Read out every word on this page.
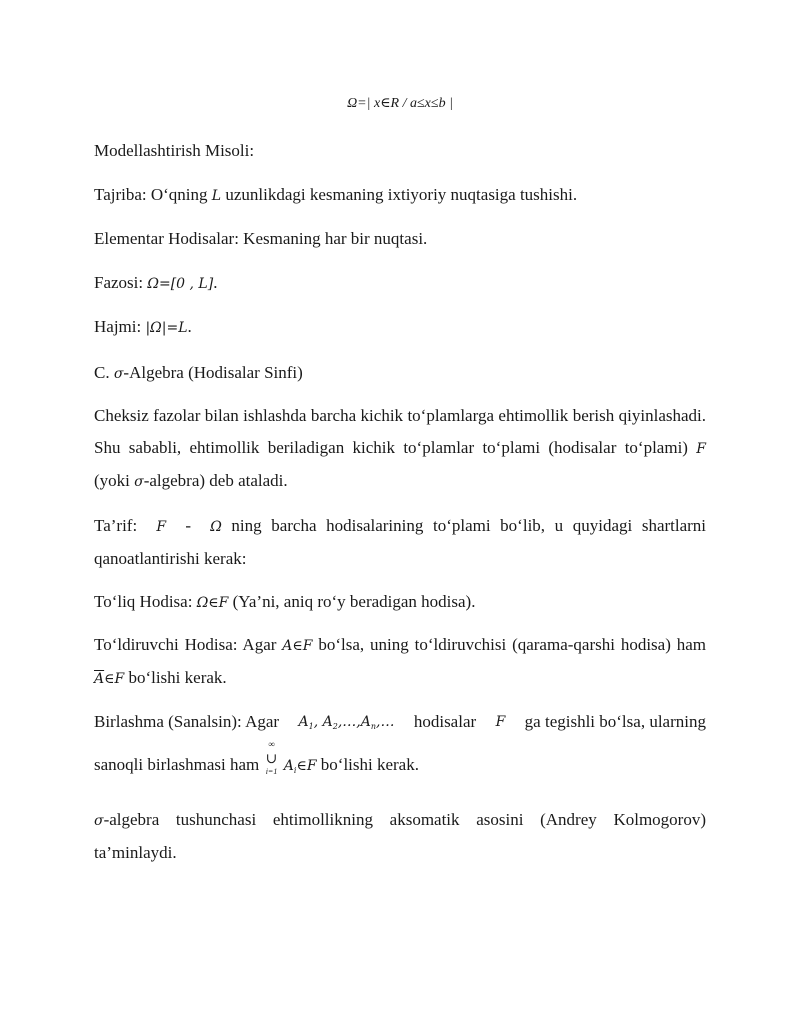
Ω=| x∈R / a≤x≤b |
Modellashtirish Misoli:
Tajriba: O‘qning L uzunlikdagi kesmaning ixtiyoriy nuqtasiga tushishi.
Elementar Hodisalar: Kesmaning har bir nuqtasi.
Fazosi: Ω=[0 , L].
Hajmi: |Ω|=L.
C. σ-Algebra (Hodisalar Sinfi)
Cheksiz fazolar bilan ishlashda barcha kichik to‘plamlarga ehtimollik berish qiyinlashadi. Shu sababli, ehtimollik beriladigan kichik to‘plamlar to‘plami (hodisalar to‘plami) F (yoki σ-algebra) deb ataladi.
Ta’rif: F - Ω ning barcha hodisalarining to‘plami bo‘lib, u quyidagi shartlarni qanoatlantirishi kerak:
To‘liq Hodisa: Ω∈F (Ya’ni, aniq ro‘y beradigan hodisa).
To‘ldiruvchi Hodisa: Agar A∈F bo‘lsa, uning to‘ldiruvchisi (qarama-qarshi hodisa) ham $\overline{A}\in F$ bo‘lishi kerak.
Birlashma (Sanalsin): Agar $A_1$, $A_2,\dots,A_n,\dots$ hodisalar F ga tegishli bo‘lsa, ularning
sanoqli birlashmasi ham
∞
∪
i=1 $A_i\in F$ bo‘lishi kerak.
σ-algebra tushunchasi ehtimollikning aksomatik asosini (Andrey Kolmogorov) ta’minlaydi.
